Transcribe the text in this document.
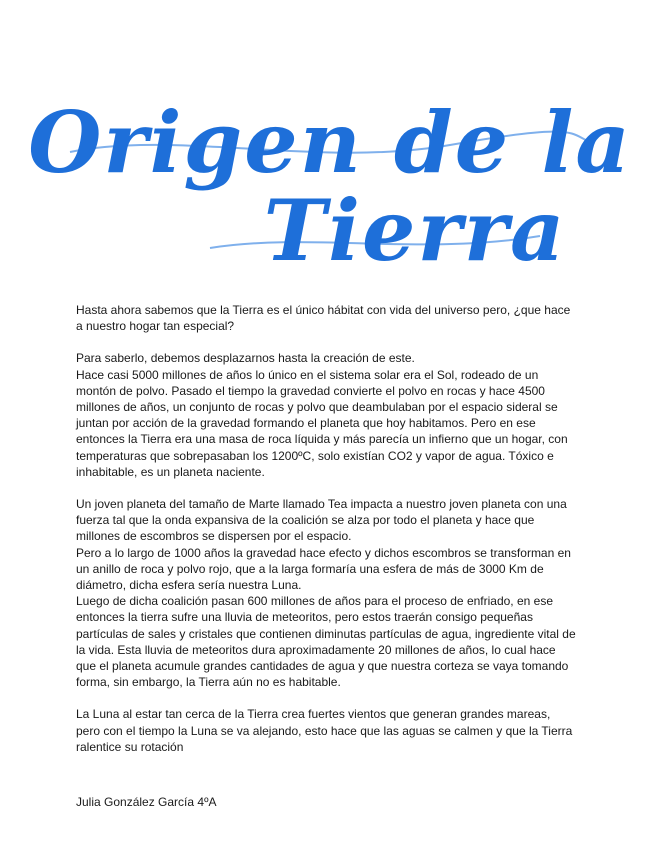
Origen de la
Tierra

Hasta ahora sabemos que la Tierra es el único hábitat con vida del universo pero, ¿que hace a nuestro hogar tan especial?

Para saberlo, debemos desplazarnos hasta la creación de este.
Hace casi 5000 millones de años lo único en el sistema solar era el Sol, rodeado de un montón de polvo. Pasado el tiempo la gravedad convierte el polvo en rocas y hace 4500 millones de años, un conjunto de rocas y polvo que deambulaban por el espacio sideral se juntan por acción de la gravedad formando el planeta que hoy habitamos. Pero en ese entonces la Tierra era una masa de roca líquida y más parecía un infierno que un hogar, con temperaturas que sobrepasaban los 1200ºC, solo existían CO2 y vapor de agua. Tóxico e inhabitable, es un planeta naciente.

Un joven planeta del tamaño de Marte llamado Tea impacta a nuestro joven planeta con una fuerza tal que la onda expansiva de la coalición se alza por todo el planeta y hace que millones de escombros se dispersen por el espacio.
Pero a lo largo de 1000 años la gravedad hace efecto y dichos escombros se transforman en un anillo de roca y polvo rojo, que a la larga formaría una esfera de más de 3000 Km de diámetro, dicha esfera sería nuestra Luna.
Luego de dicha coalición pasan 600 millones de años para el proceso de enfriado, en ese entonces la tierra sufre una lluvia de meteoritos, pero estos traerán consigo pequeñas partículas de sales y cristales que contienen diminutas partículas de agua, ingrediente vital de la vida. Esta lluvia de meteoritos dura aproximadamente 20 millones de años, lo cual hace que el planeta acumule grandes cantidades de agua y que nuestra corteza se vaya tomando forma, sin embargo, la Tierra aún no es habitable.

La Luna al estar tan cerca de la Tierra crea fuertes vientos que generan grandes mareas, pero con el tiempo la Luna se va alejando, esto hace que las aguas se calmen y que la Tierra ralentice su rotación

Julia González García 4ºA
